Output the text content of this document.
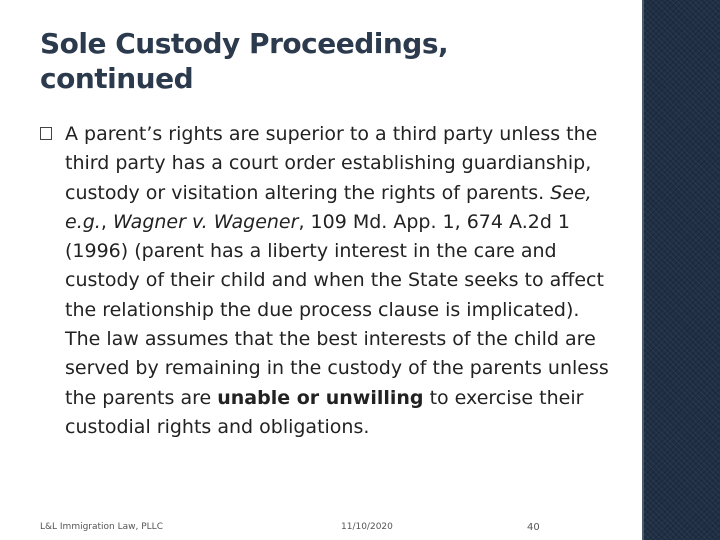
Sole Custody Proceedings,
continued

A parent’s rights are superior to a third party unless the third party has a court order establishing guardianship, custody or visitation altering the rights of parents. See, e.g., Wagner v. Wagener, 109 Md. App. 1, 674 A.2d 1 (1996) (parent has a liberty interest in the care and custody of their child and when the State seeks to affect the relationship the due process clause is implicated). The law assumes that the best interests of the child are served by remaining in the custody of the parents unless the parents are unable or unwilling to exercise their custodial rights and obligations.

L&L Immigration Law, PLLC	11/10/2020	40
